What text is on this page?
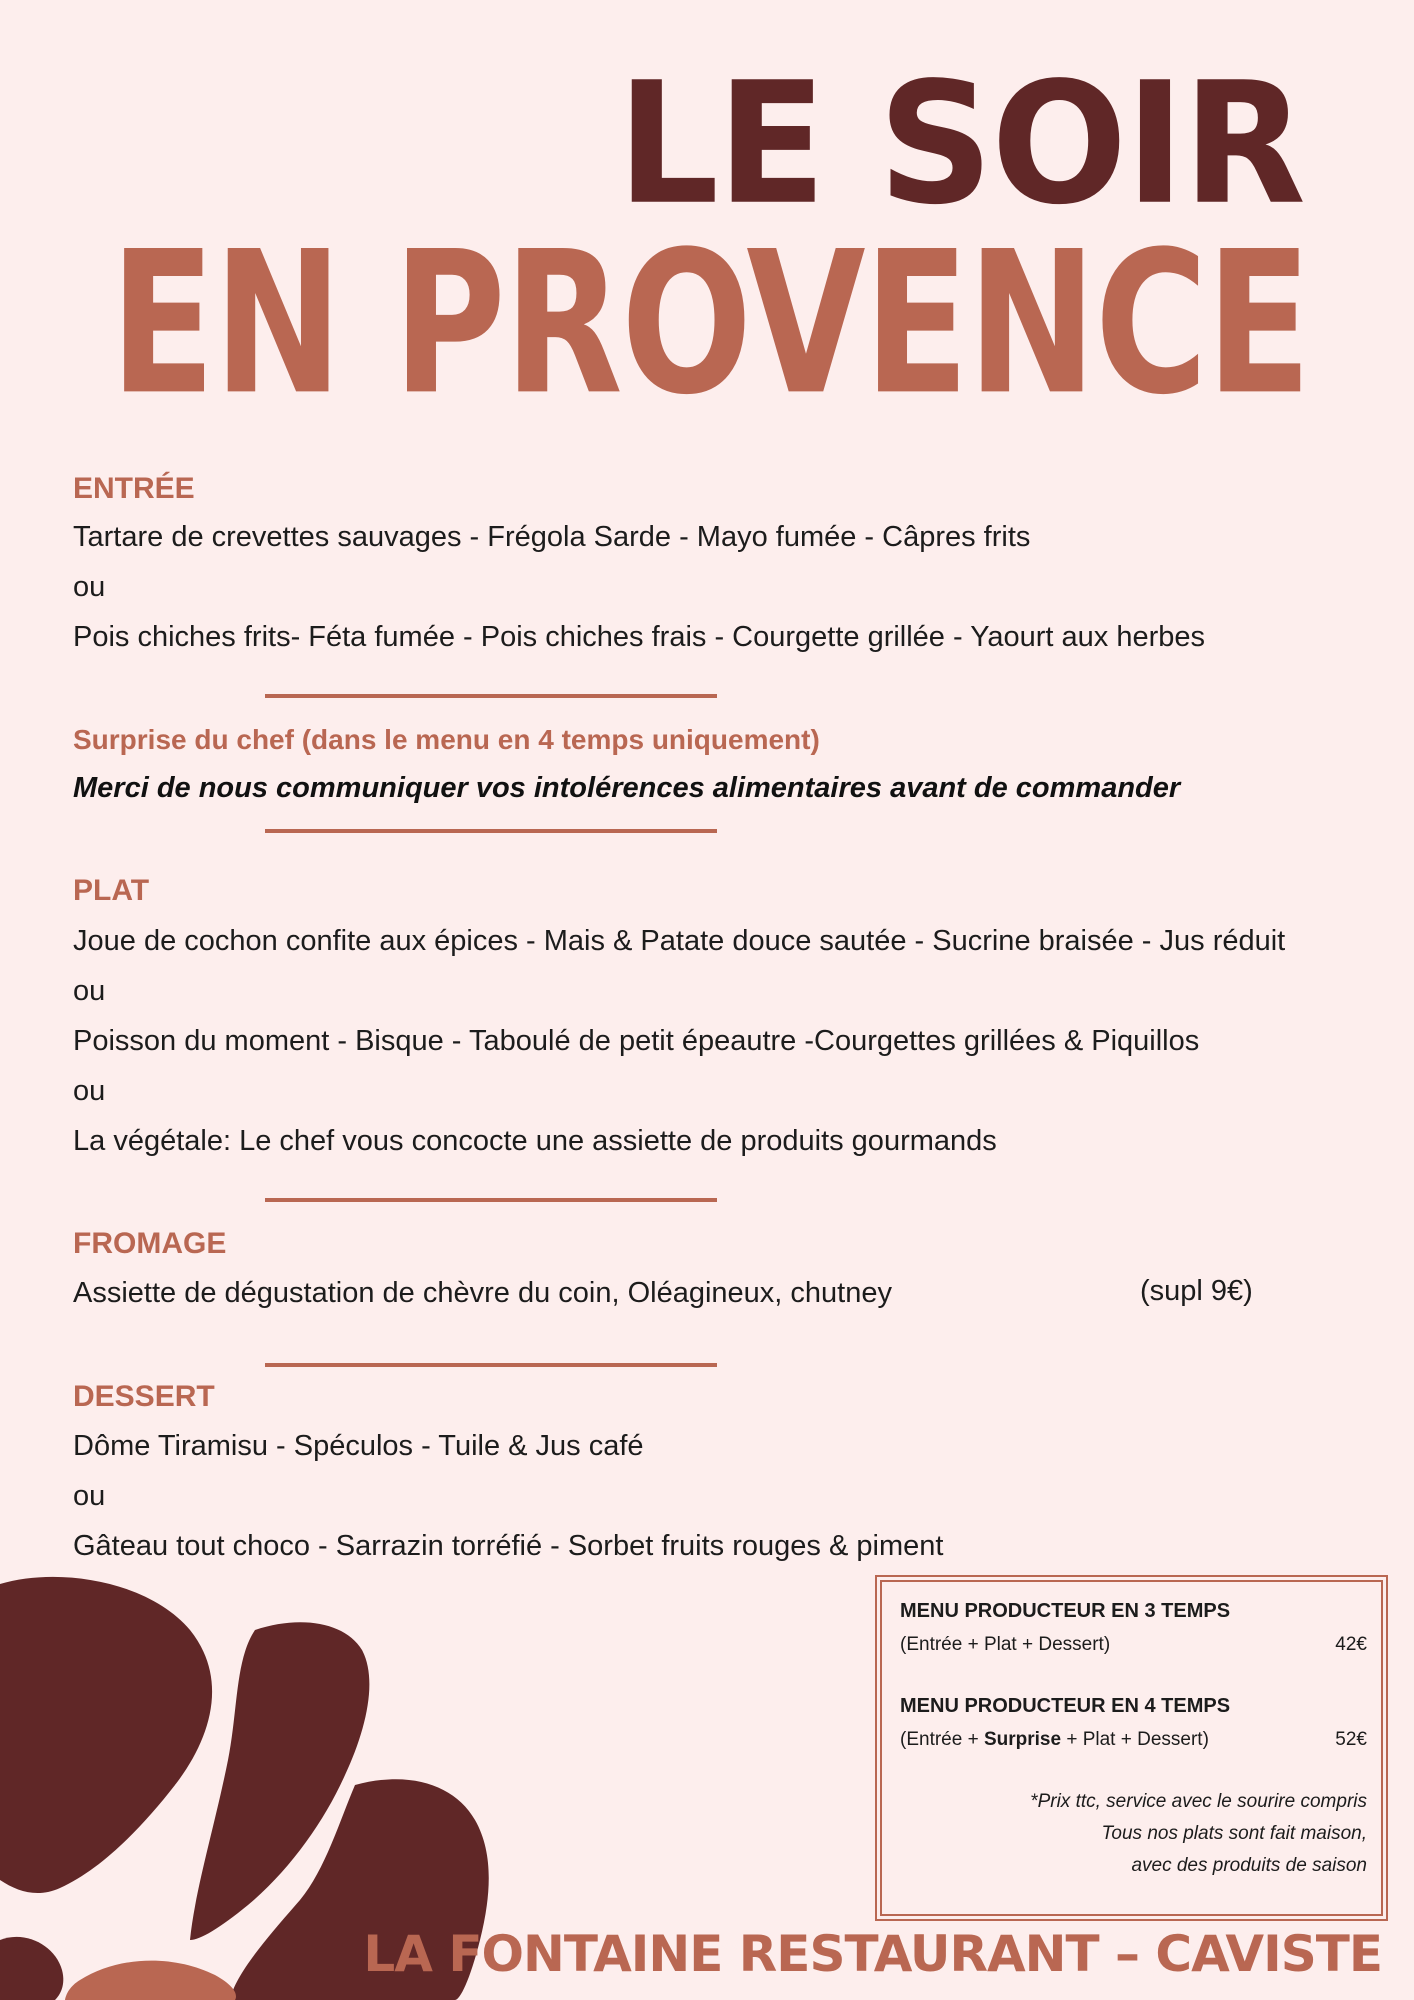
LE SOIR
EN PROVENCE
ENTRÉE
Tartare de crevettes sauvages - Frégola Sarde - Mayo fumée - Câpres frits
ou
Pois chiches frits- Féta fumée - Pois chiches frais - Courgette grillée - Yaourt aux herbes
Surprise du chef (dans le menu en 4 temps uniquement)
Merci de nous communiquer vos intolérences alimentaires avant de commander
PLAT
Joue de cochon confite aux épices - Mais & Patate douce sautée - Sucrine braisée - Jus réduit
ou
Poisson du moment - Bisque - Taboulé de petit épeautre -Courgettes grillées & Piquillos
ou
La végétale: Le chef vous concocte une assiette de produits gourmands
FROMAGE
Assiette de dégustation de chèvre du coin, Oléagineux, chutney	(supl 9€)
DESSERT
Dôme Tiramisu - Spéculos - Tuile & Jus café
ou
Gâteau tout choco - Sarrazin torréfié - Sorbet fruits rouges & piment
MENU PRODUCTEUR EN 3 TEMPS
(Entrée + Plat + Dessert)	42€
MENU PRODUCTEUR EN 4 TEMPS
(Entrée + Surprise + Plat + Dessert)	52€
*Prix ttc, service avec le sourire compris
Tous nos plats sont fait maison,
avec des produits de saison
LA FONTAINE RESTAURANT – CAVISTE
